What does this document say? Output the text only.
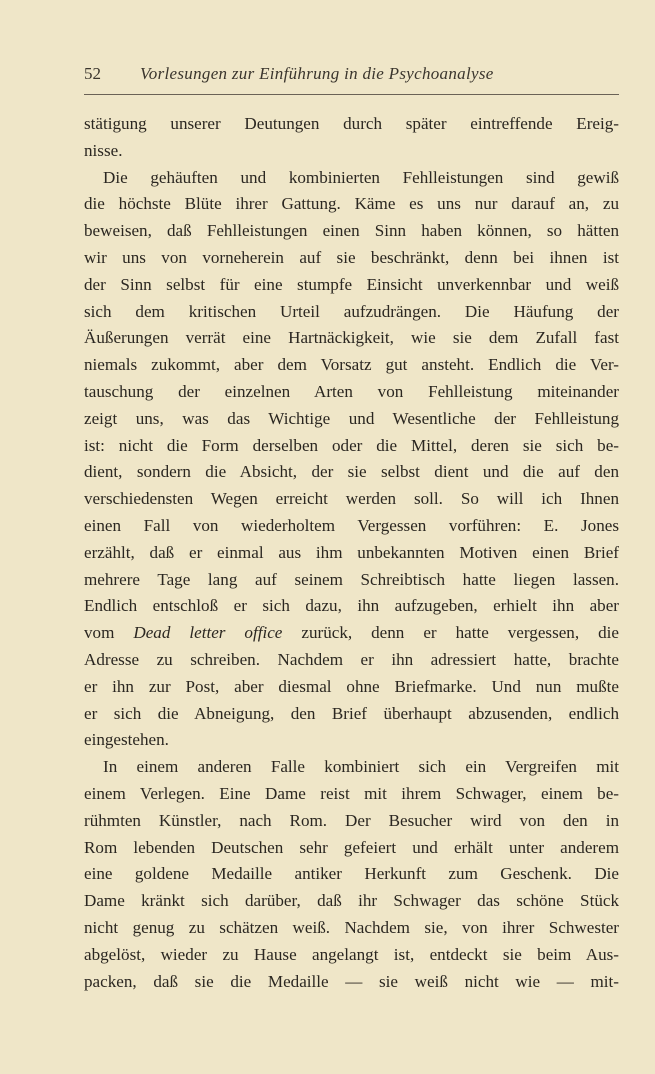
52	Vorlesungen zur Einführung in die Psychoanalyse
stätigung unserer Deutungen durch später eintreffende Ereig-
nisse.
Die gehäuften und kombinierten Fehlleistungen sind gewiß
die höchste Blüte ihrer Gattung. Käme es uns nur darauf an, zu
beweisen, daß Fehlleistungen einen Sinn haben können, so hätten
wir uns von vorneherein auf sie beschränkt, denn bei ihnen ist
der Sinn selbst für eine stumpfe Einsicht unverkennbar und weiß
sich dem kritischen Urteil aufzudrängen. Die Häufung der
Äußerungen verrät eine Hartnäckigkeit, wie sie dem Zufall fast
niemals zukommt, aber dem Vorsatz gut ansteht. Endlich die Ver-
tauschung der einzelnen Arten von Fehlleistung miteinander
zeigt uns, was das Wichtige und Wesentliche der Fehlleistung
ist: nicht die Form derselben oder die Mittel, deren sie sich be-
dient, sondern die Absicht, der sie selbst dient und die auf den
verschiedensten Wegen erreicht werden soll. So will ich Ihnen
einen Fall von wiederholtem Vergessen vorführen: E. Jones
erzählt, daß er einmal aus ihm unbekannten Motiven einen Brief
mehrere Tage lang auf seinem Schreibtisch hatte liegen lassen.
Endlich entschloß er sich dazu, ihn aufzugeben, erhielt ihn aber
vom Dead letter office zurück, denn er hatte vergessen, die
Adresse zu schreiben. Nachdem er ihn adressiert hatte, brachte
er ihn zur Post, aber diesmal ohne Briefmarke. Und nun mußte
er sich die Abneigung, den Brief überhaupt abzusenden, endlich
eingestehen.
In einem anderen Falle kombiniert sich ein Vergreifen mit
einem Verlegen. Eine Dame reist mit ihrem Schwager, einem be-
rühmten Künstler, nach Rom. Der Besucher wird von den in
Rom lebenden Deutschen sehr gefeiert und erhält unter anderem
eine goldene Medaille antiker Herkunft zum Geschenk. Die
Dame kränkt sich darüber, daß ihr Schwager das schöne Stück
nicht genug zu schätzen weiß. Nachdem sie, von ihrer Schwester
abgelöst, wieder zu Hause angelangt ist, entdeckt sie beim Aus-
packen, daß sie die Medaille — sie weiß nicht wie — mit-
